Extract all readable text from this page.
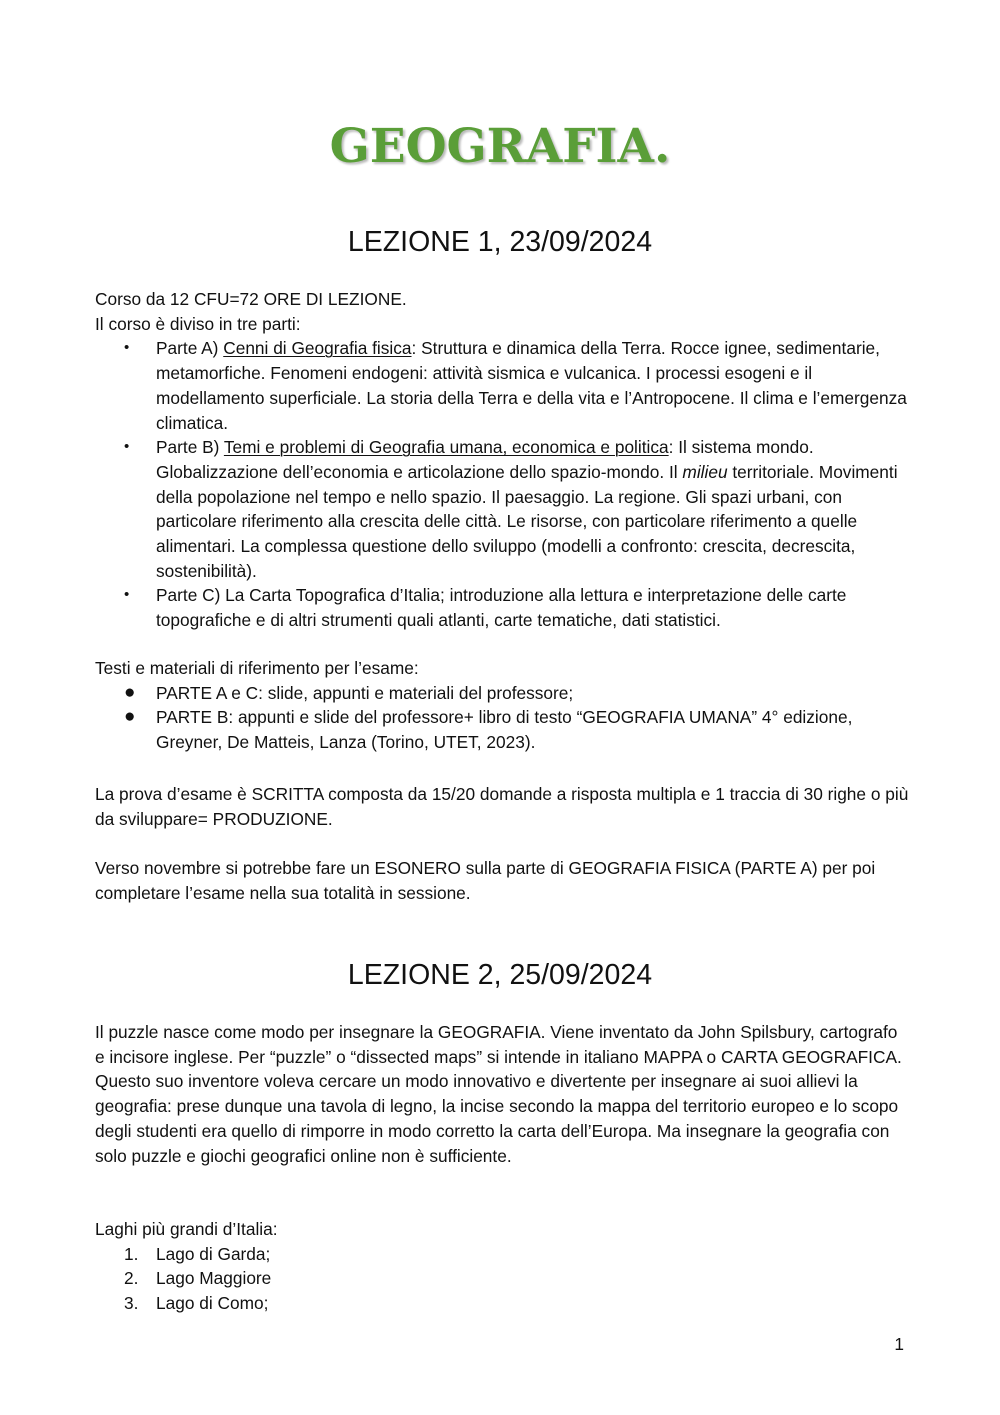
GEOGRAFIA.
LEZIONE 1, 23/09/2024

Corso da 12 CFU=72 ORE DI LEZIONE.

Il corso è diviso in tre parti:

•	Parte A) Cenni di Geografia fisica: Struttura e dinamica della Terra. Rocce ignee, sedimentarie, metamorfiche. Fenomeni endogeni: attività sismica e vulcanica. I processi esogeni e il modellamento superficiale. La storia della Terra e della vita e l’Antropocene. Il clima e l’emergenza climatica.
•	Parte B) Temi e problemi di Geografia umana, economica e politica: Il sistema mondo. Globalizzazione dell’economia e articolazione dello spazio-mondo. Il milieu territoriale. Movimenti della popolazione nel tempo e nello spazio. Il paesaggio. La regione. Gli spazi urbani, con particolare riferimento alla crescita delle città. Le risorse, con particolare riferimento a quelle alimentari. La complessa questione dello sviluppo (modelli a confronto: crescita, decrescita, sostenibilità).
•	Parte C) La Carta Topografica d’Italia; introduzione alla lettura e interpretazione delle carte topografiche e di altri strumenti quali atlanti, carte tematiche, dati statistici.

Testi e materiali di riferimento per l’esame:

●	PARTE A e C: slide, appunti e materiali del professore;
●	PARTE B: appunti e slide del professore+ libro di testo “GEOGRAFIA UMANA” 4° edizione, Greyner, De Matteis, Lanza (Torino, UTET, 2023).

La prova d’esame è SCRITTA composta da 15/20 domande a risposta multipla e 1 traccia di 30 righe o più da sviluppare= PRODUZIONE.

Verso novembre si potrebbe fare un ESONERO sulla parte di GEOGRAFIA FISICA (PARTE A) per poi completare l’esame nella sua totalità in sessione.

LEZIONE 2, 25/09/2024

Il puzzle nasce come modo per insegnare la GEOGRAFIA. Viene inventato da John Spilsbury, cartografo e incisore inglese. Per “puzzle” o “dissected maps” si intende in italiano MAPPA o CARTA GEOGRAFICA.

Questo suo inventore voleva cercare un modo innovativo e divertente per insegnare ai suoi allievi la geografia: prese dunque una tavola di legno, la incise secondo la mappa del territorio europeo e lo scopo degli studenti era quello di rimporre in modo corretto la carta dell’Europa. Ma insegnare la geografia con solo puzzle e giochi geografici online non è sufficiente.

Laghi più grandi d’Italia:

1.	Lago di Garda;
2.	Lago Maggiore
3.	Lago di Como;
1
